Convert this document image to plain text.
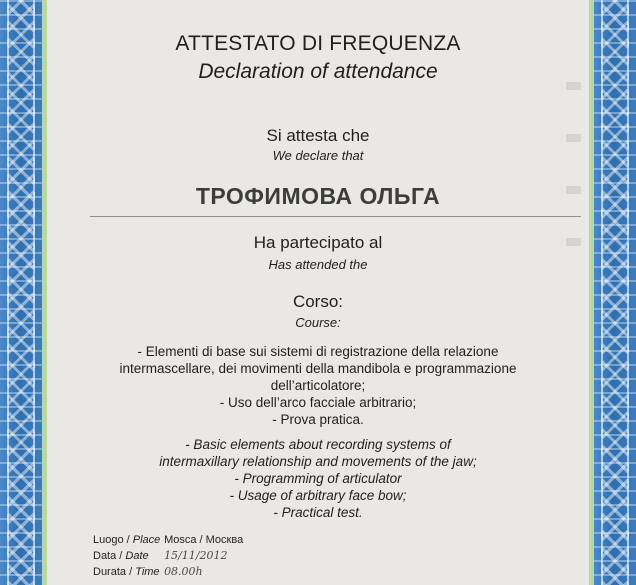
ATTESTATO DI FREQUENZA
Declaration of attendance
Si attesta che
We declare that
ТРОФИМОВА ОЛЬГА
Ha partecipato al
Has attended the
Corso:
Course:
- Elementi di base sui sistemi di registrazione della relazione
intermascellare, dei movimenti della mandibola e programmazione
dell’articolatore;
- Uso dell’arco facciale arbitrario;
- Prova pratica.
- Basic elements about recording systems of
intermaxillary relationship and movements of the jaw;
- Programming of articulator
- Usage of arbitrary face bow;
- Practical test.
Luogo / Place Mosca / Москва
Data / Date 15/11/2012
Durata / Time 08.00h
